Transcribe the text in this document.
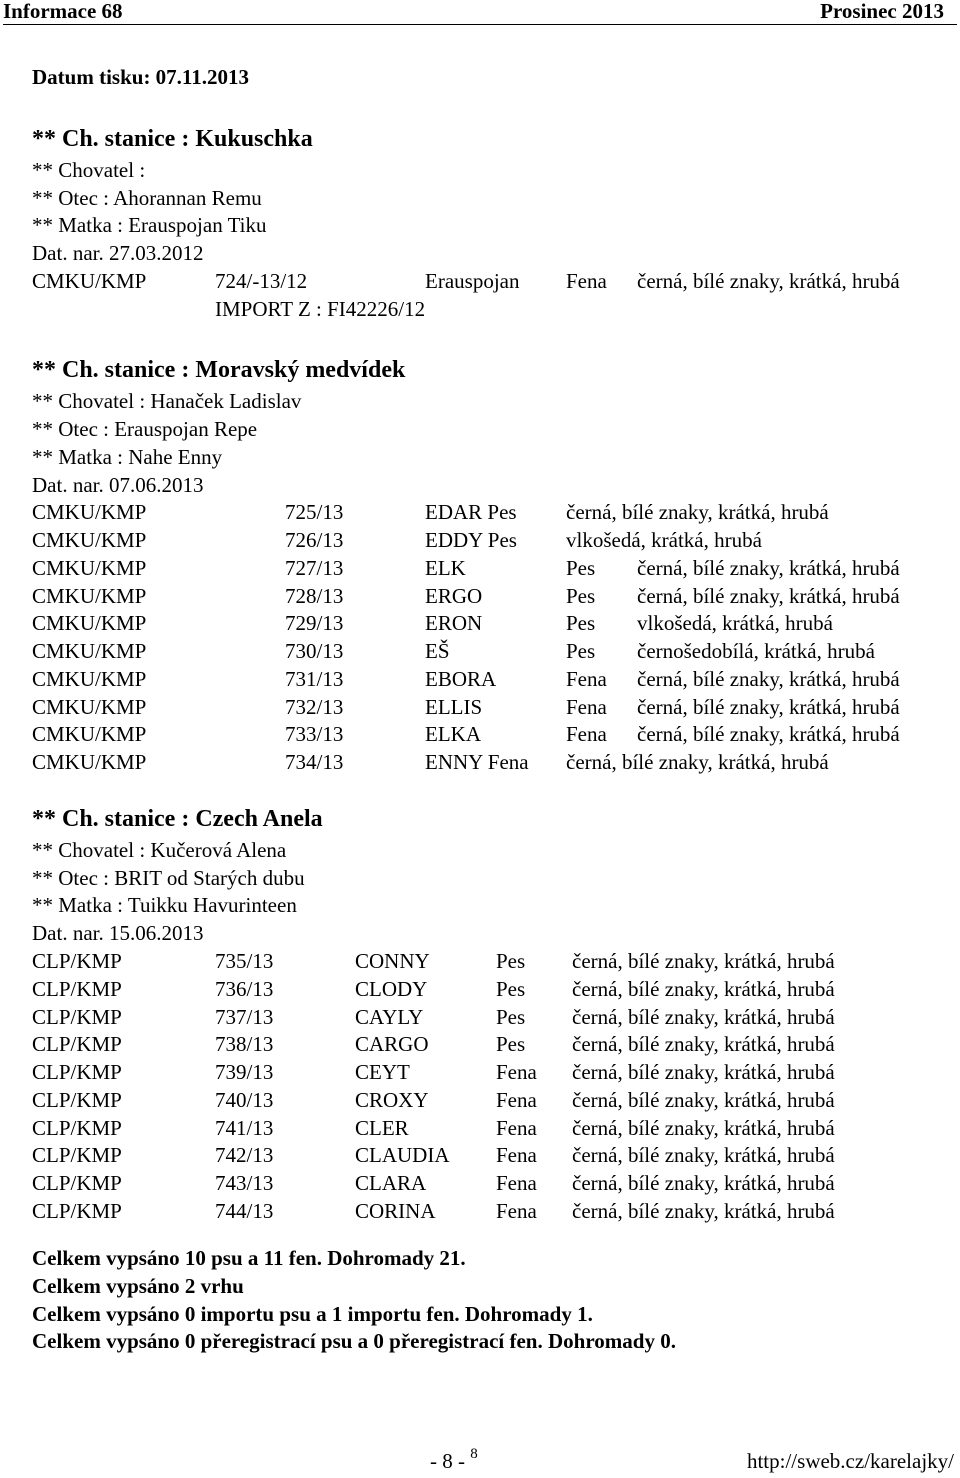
Informace 68	Prosinec 2013
Datum tisku: 07.11.2013
** Ch. stanice : Kukuschka
** Chovatel :
** Otec : Ahorannan Remu
** Matka : Erauspojan Tiku
Dat. nar. 27.03.2012
CMKU/KMP	724/-13/12	Erauspojan Fena černá, bílé znaky, krátká, hrubá
IMPORT Z : FI42226/12
** Ch. stanice : Moravský medvídek
** Chovatel : Hanaček Ladislav
** Otec : Erauspojan Repe
** Matka : Nahe Enny
Dat. nar. 07.06.2013
CMKU/KMP	725/13	EDAR Pes černá, bílé znaky, krátká, hrubá
CMKU/KMP	726/13	EDDY Pes vlkošedá, krátká, hrubá
CMKU/KMP	727/13	ELK	Pes černá, bílé znaky, krátká, hrubá
CMKU/KMP	728/13	ERGO	Pes černá, bílé znaky, krátká, hrubá
CMKU/KMP	729/13	ERON	Pes vlkošedá, krátká, hrubá
CMKU/KMP	730/13	EŠ	Pes černošedobílá, krátká, hrubá
CMKU/KMP	731/13	EBORA	Fena černá, bílé znaky, krátká, hrubá
CMKU/KMP	732/13	ELLIS	Fena černá, bílé znaky, krátká, hrubá
CMKU/KMP	733/13	ELKA	Fena černá, bílé znaky, krátká, hrubá
CMKU/KMP	734/13	ENNY Fena černá, bílé znaky, krátká, hrubá
** Ch. stanice : Czech Anela
** Chovatel : Kučerová Alena
** Otec : BRIT od Starých dubu
** Matka : Tuikku Havurinteen
Dat. nar. 15.06.2013
CLP/KMP	735/13	CONNY	Pes černá, bílé znaky, krátká, hrubá
CLP/KMP	736/13	CLODY	Pes černá, bílé znaky, krátká, hrubá
CLP/KMP	737/13	CAYLY	Pes černá, bílé znaky, krátká, hrubá
CLP/KMP	738/13	CARGO	Pes černá, bílé znaky, krátká, hrubá
CLP/KMP	739/13	CEYT	Fena černá, bílé znaky, krátká, hrubá
CLP/KMP	740/13	CROXY	Fena černá, bílé znaky, krátká, hrubá
CLP/KMP	741/13	CLER	Fena černá, bílé znaky, krátká, hrubá
CLP/KMP	742/13	CLAUDIA Fena černá, bílé znaky, krátká, hrubá
CLP/KMP	743/13	CLARA	Fena černá, bílé znaky, krátká, hrubá
CLP/KMP	744/13	CORINA	Fena černá, bílé znaky, krátká, hrubá
Celkem vypsáno 10 psu a 11 fen. Dohromady 21.
Celkem vypsáno 2 vrhu
Celkem vypsáno 0 importu psu a 1 importu fen. Dohromady 1.
Celkem vypsáno 0 přeregistrací psu a 0 přeregistrací fen. Dohromady 0.
- 8 - $^8$	http://sweb.cz/karelajky/
